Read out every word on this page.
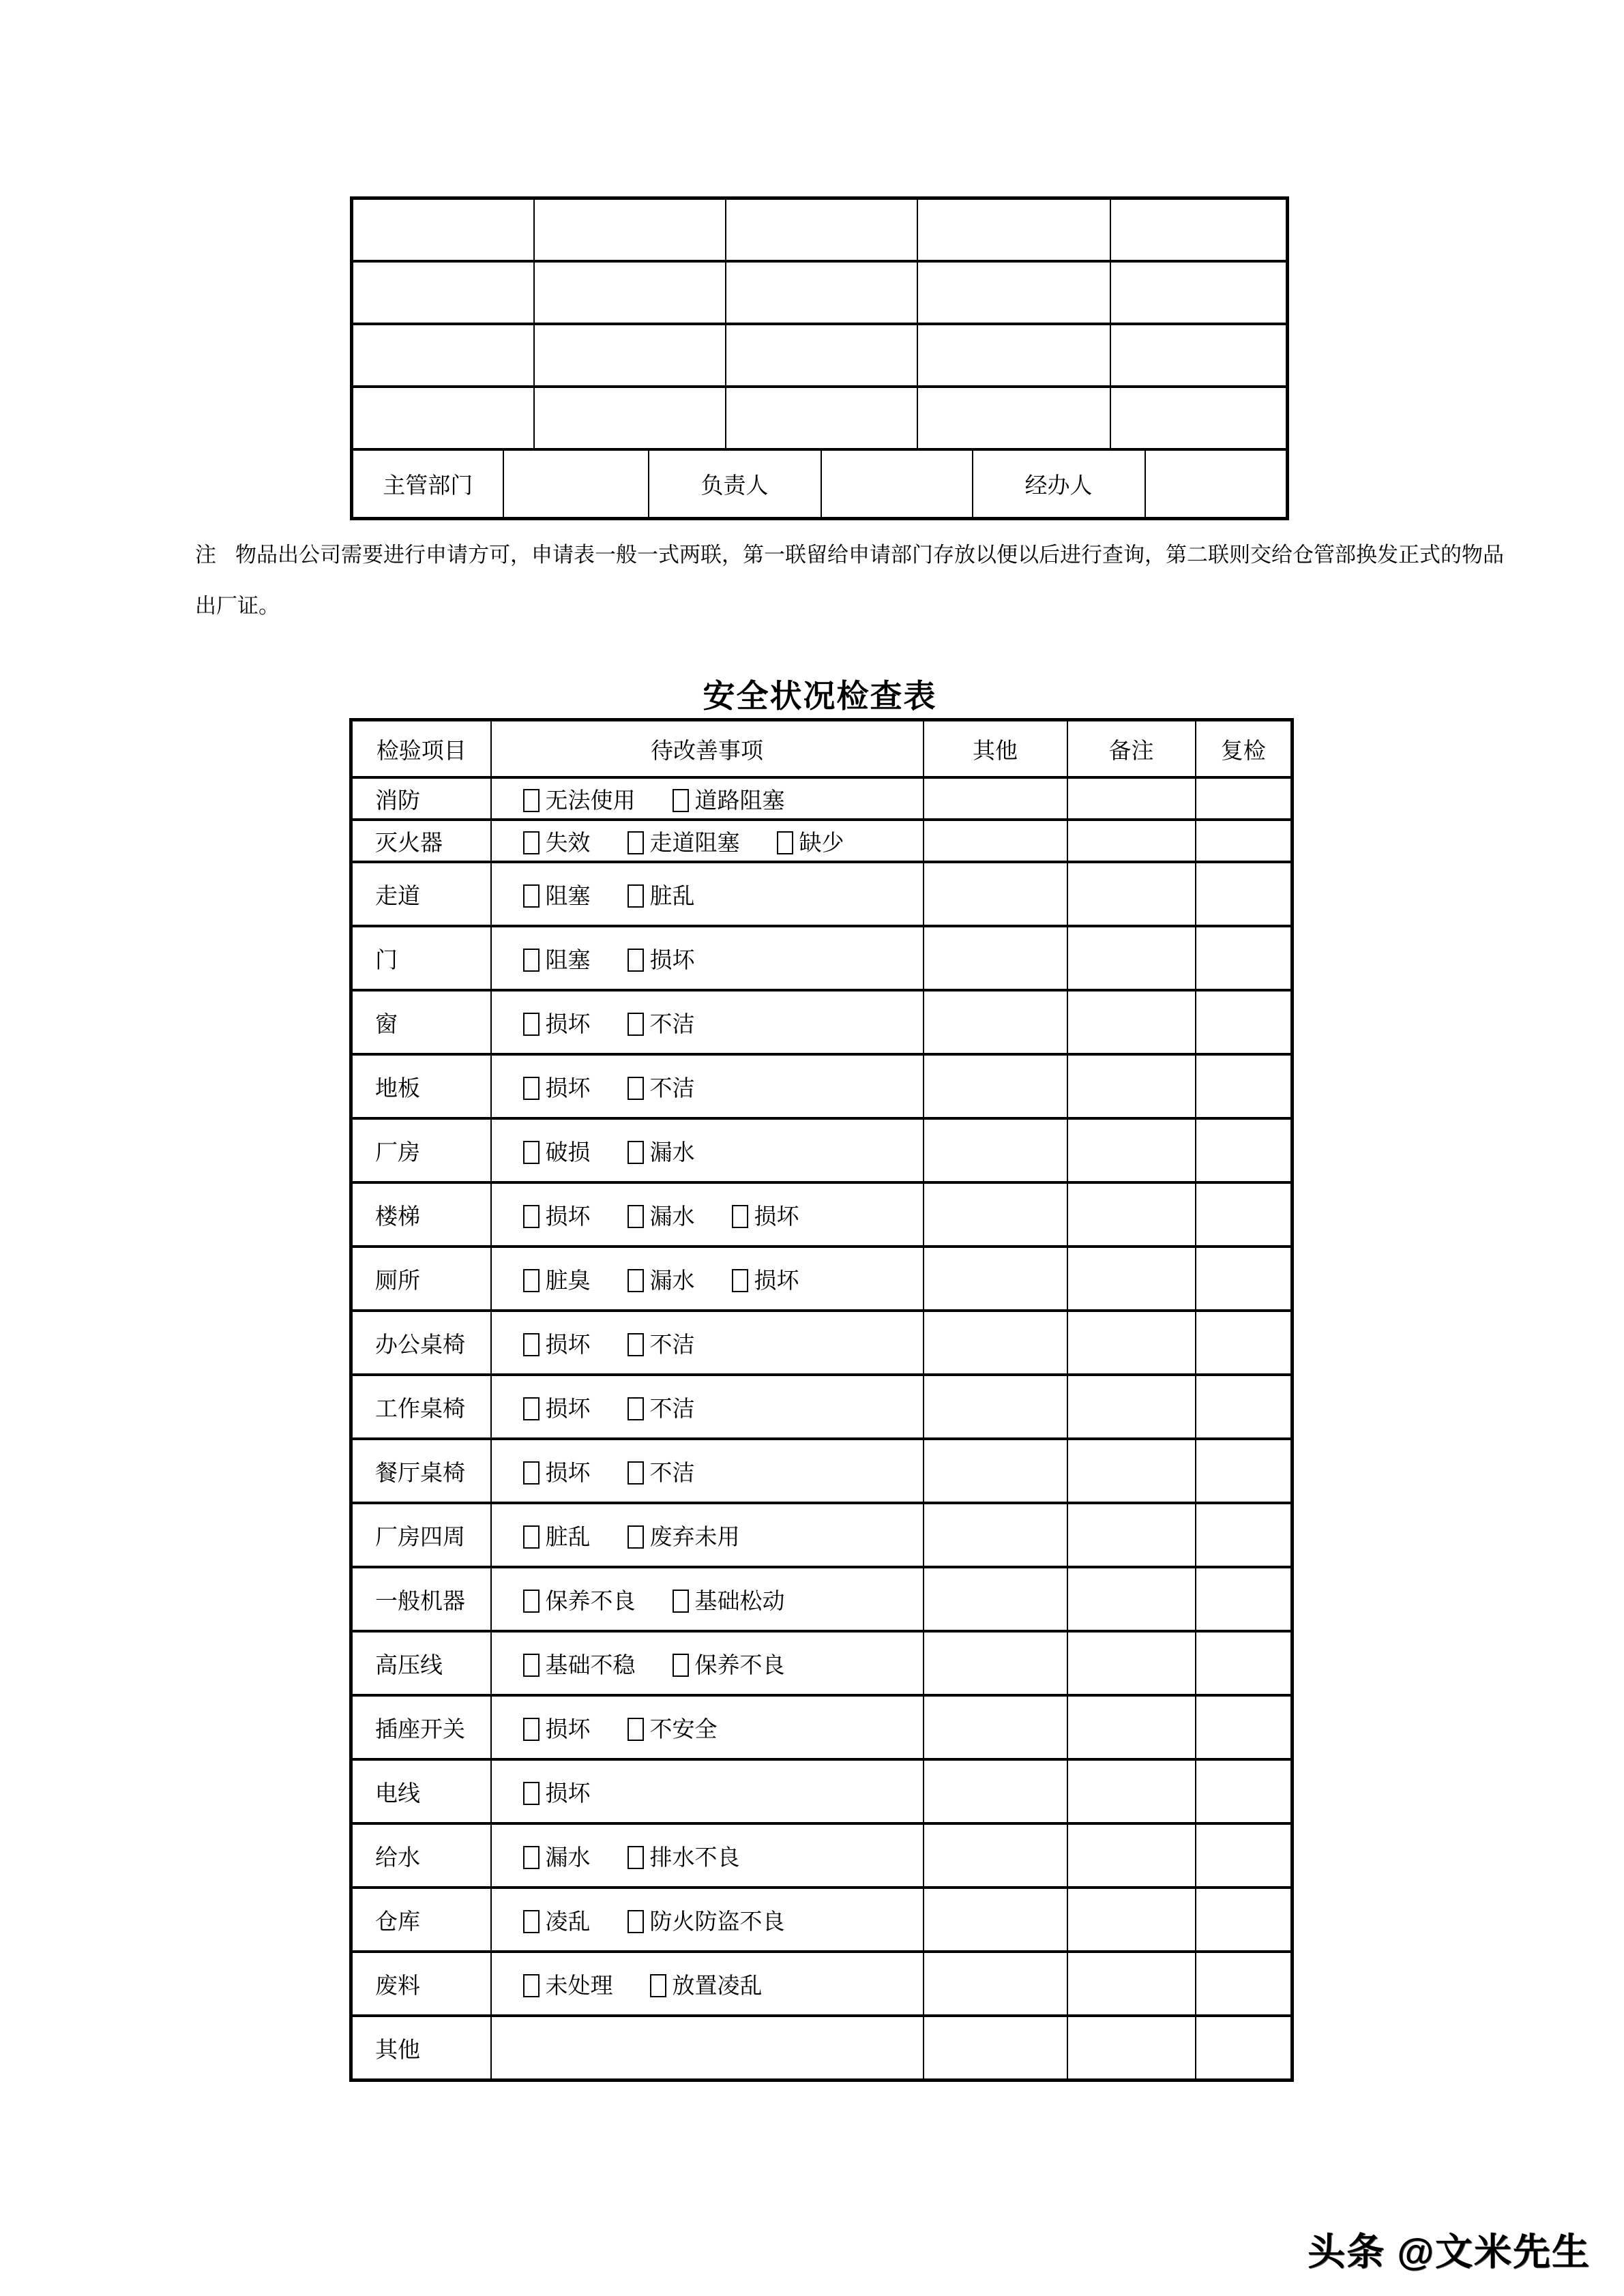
主管部门		负责人		经办人	

注 物品出公司需要进行申请方可，申请表一般一式两联，第一联留给申请部门存放以便以后进行查询，第二联则交给仓管部换发正式的物品
出厂证。

安全状况检查表
检验项目	待改善事项	其他	备注	复检
消防	无法使用 道路阻塞			
灭火器	失效 走道阻塞 缺少			
走道	阻塞 脏乱			
门	阻塞 损坏			
窗	损坏 不洁			
地板	损坏 不洁			
厂房	破损 漏水			
楼梯	损坏 漏水 损坏			
厕所	脏臭 漏水 损坏			
办公桌椅	损坏 不洁			
工作桌椅	损坏 不洁			
餐厅桌椅	损坏 不洁			
厂房四周	脏乱 废弃未用			
一般机器	保养不良 基础松动			
高压线	基础不稳 保养不良			
插座开关	损坏 不安全			
电线	损坏			
给水	漏水 排水不良			
仓库	凌乱 防火防盗不良			
废料	未处理 放置凌乱			
其他				
头条 @文米先生
